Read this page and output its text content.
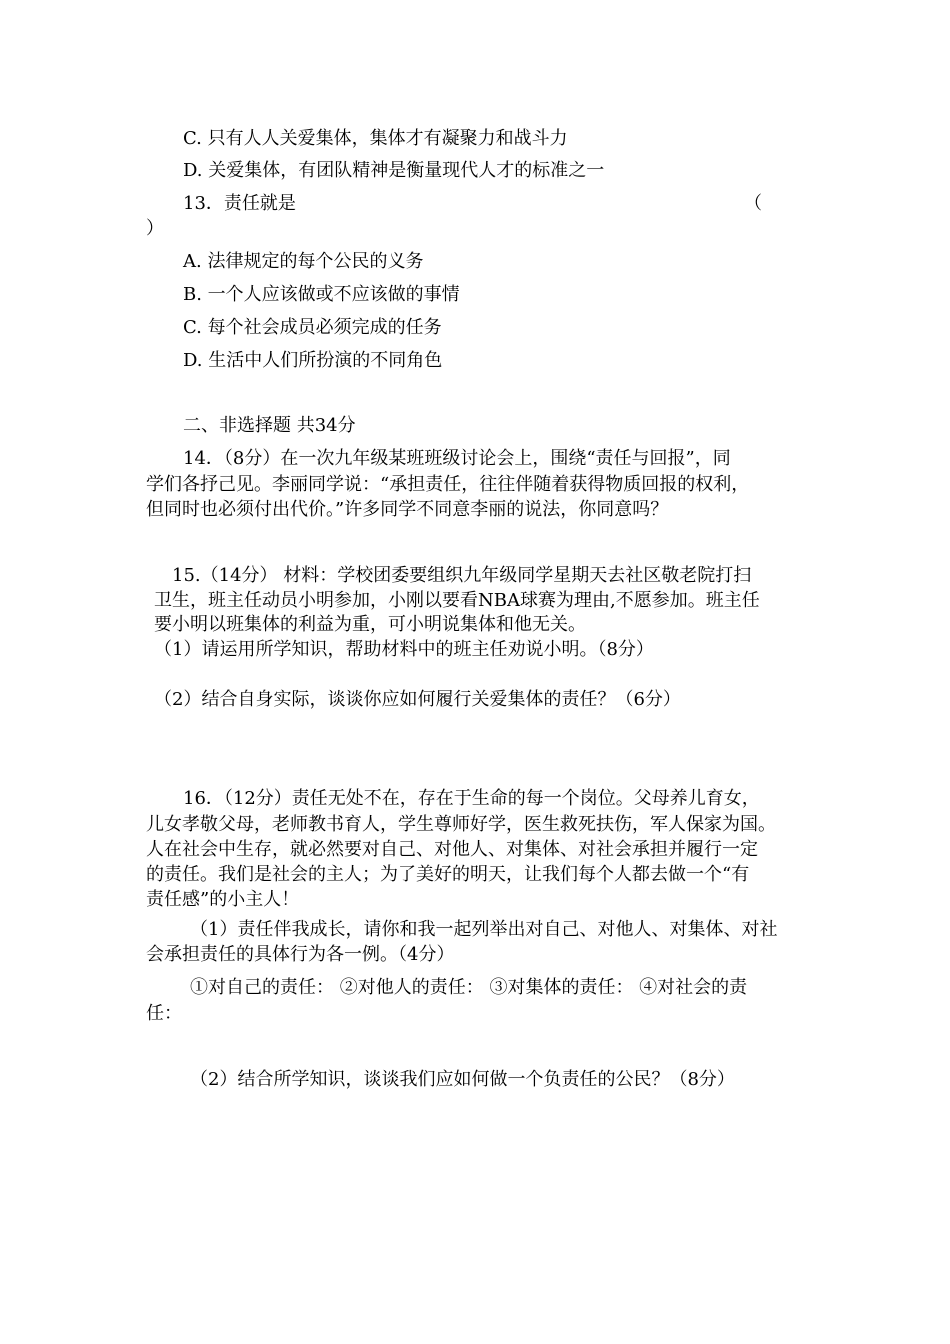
C. 只有人人关爱集体，集体才有凝聚力和战斗力
D. 关爱集体，有团队精神是衡量现代人才的标准之一
13．责任就是	（
）
A. 法律规定的每个公民的义务
B. 一个人应该做或不应该做的事情
C. 每个社会成员必须完成的任务
D. 生活中人们所扮演的不同角色
二、非选择题 共34分
14．（8分）在一次九年级某班班级讨论会上，围绕“责任与回报”，同
学们各抒己见。李丽同学说：“承担责任，往往伴随着获得物质回报的权利，
但同时也必须付出代价。”许多同学不同意李丽的说法，你同意吗？
15.（14分） 材料：学校团委要组织九年级同学星期天去社区敬老院打扫
卫生，班主任动员小明参加，小刚以要看NBA球赛为理由,不愿参加。班主任
要小明以班集体的利益为重，可小明说集体和他无关。
（1）请运用所学知识，帮助材料中的班主任劝说小明。（8分）
（2）结合自身实际，谈谈你应如何履行关爱集体的责任？（6分）
16．（12分）责任无处不在，存在于生命的每一个岗位。父母养儿育女，
儿女孝敬父母，老师教书育人，学生尊师好学，医生救死扶伤，军人保家为国。
人在社会中生存，就必然要对自己、对他人、对集体、对社会承担并履行一定
的责任。我们是社会的主人；为了美好的明天，让我们每个人都去做一个“有
责任感”的小主人！
（1）责任伴我成长，请你和我一起列举出对自己、对他人、对集体、对社
会承担责任的具体行为各一例。（4分）
①对自己的责任： ②对他人的责任： ③对集体的责任： ④对社会的责
任：
（2）结合所学知识，谈谈我们应如何做一个负责任的公民？（8分）
